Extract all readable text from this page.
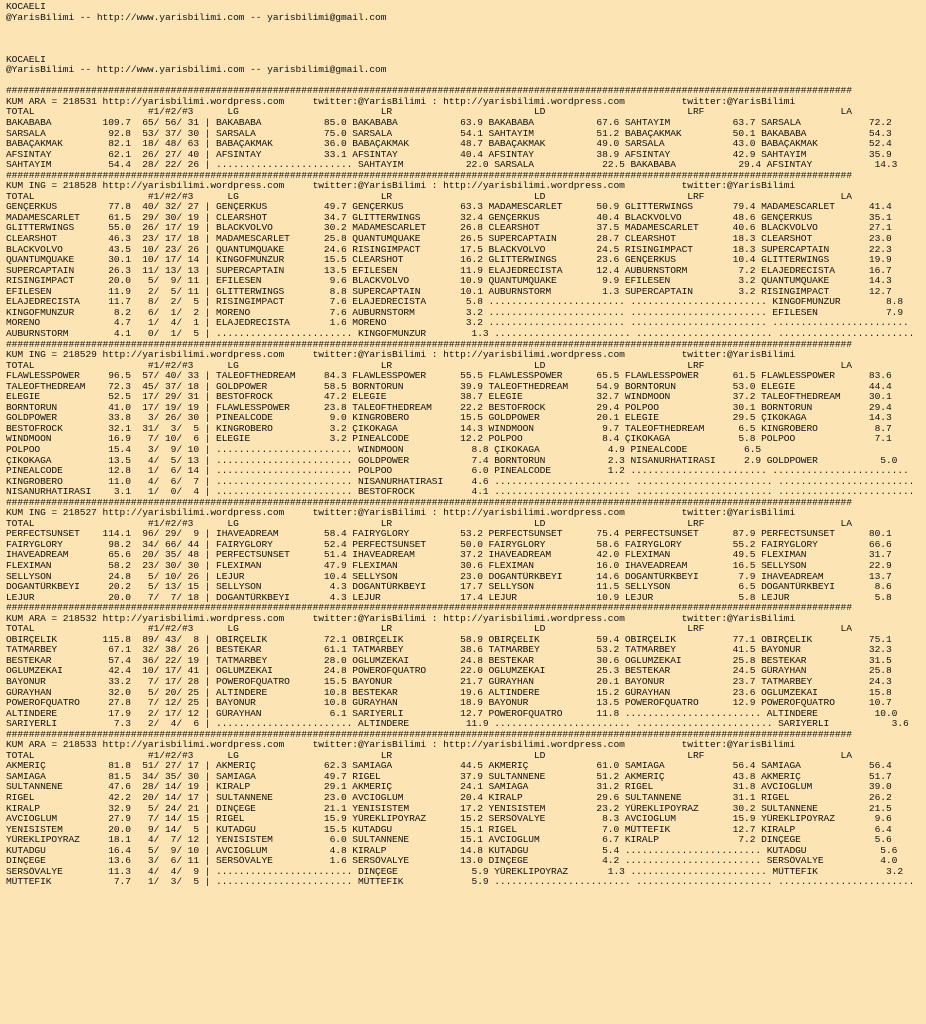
KOCAELI
@YarisBilimi -- http://www.yarisbilimi.com -- yarisbilimi@gmail.com
KOCAELI
@YarisBilimi -- http://www.yarisbilimi.com -- yarisbilimi@gmail.com
#####################################################################################################################################################
KUM ARA = 218531 http://yarisbilimi.wordpress.com     twitter:@YarisBilimi : http://yarisbilimi.wordpress.com          twitter:@YarisBilimi
TOTAL                    #1/#2/#3      LG                         LR                         LD                         LRF                        LA
BAKABABA         109.7  65/ 56/ 31 | BAKABABA           85.0 BAKABABA           63.9 BAKABABA           67.6 SAHTAYIM           63.7 SARSALA            72.2
SARSALA           92.8  53/ 37/ 30 | SARSALA            75.0 SARSALA            54.1 SAHTAYIM           51.2 BABAÇAKMAK         50.1 BAKABABA           54.3
BABAÇAKMAK        82.1  18/ 48/ 63 | BABAÇAKMAK         36.0 BABAÇAKMAK         48.7 BABAÇAKMAK         49.0 SARSALA            43.0 BABAÇAKMAK         52.4
AFSINTAY          62.1  26/ 27/ 40 | AFSINTAY           33.1 AFSINTAY           40.4 AFSINTAY           38.9 AFSINTAY           42.9 SAHTAYIM           35.9
SAHTAYIM          54.4  28/ 22/ 26 | ........................ SAHTAYIM           22.0 SARSALA            22.5 BAKABABA           29.4 AFSINTAY           14.3
#####################################################################################################################################################
KUM ING = 218528 http://yarisbilimi.wordpress.com     twitter:@YarisBilimi : http://yarisbilimi.wordpress.com          twitter:@YarisBilimi
TOTAL                    #1/#2/#3      LG                         LR                         LD                         LRF                        LA
GENÇERKUS         77.8  40/ 32/ 27 | GENÇERKUS          49.7 GENÇERKUS          63.3 MADAMESCARLET      50.9 GLITTERWINGS       79.4 MADAMESCARLET      41.4
MADAMESCARLET     61.5  29/ 30/ 19 | CLEARSHOT          34.7 GLITTERWINGS       32.4 GENÇERKUS          40.4 BLACKVOLVO         48.6 GENÇERKUS          35.1
GLITTERWINGS      55.0  26/ 17/ 19 | BLACKVOLVO         30.2 MADAMESCARLET      26.8 CLEARSHOT          37.5 MADAMESCARLET      40.6 BLACKVOLVO         27.1
CLEARSHOT         46.3  23/ 17/ 18 | MADAMESCARLET      25.8 QUANTUMQUAKE       26.5 SUPERCAPTAIN       28.7 CLEARSHOT          18.3 CLEARSHOT          23.0
BLACKVOLVO        43.5  10/ 23/ 26 | QUANTUMQUAKE       24.6 RISINGIMPACT       17.5 BLACKVOLVO         24.5 RISINGIMPACT       18.3 SUPERCAPTAIN       22.3
QUANTUMQUAKE      30.1  10/ 17/ 14 | KINGOFMUNZUR       15.5 CLEARSHOT          16.2 GLITTERWINGS       23.6 GENÇERKUS          10.4 GLITTERWINGS       19.9
SUPERCAPTAIN      26.3  11/ 13/ 13 | SUPERCAPTAIN       13.5 EFILESEN           11.9 ELAJEDRECISTA      12.4 AUBURNSTORM         7.2 ELAJEDRECISTA      16.7
RISINGIMPACT      20.0   5/  9/ 11 | EFILESEN            9.6 BLACKVOLVO         10.9 QUANTUMQUAKE        9.9 EFILESEN            3.2 QUANTUMQUAKE       14.3
EFILESEN          11.9   2/  5/ 11 | GLITTERWINGS        8.8 SUPERCAPTAIN       10.1 AUBURNSTORM         1.3 SUPERCAPTAIN        3.2 RISINGIMPACT       12.7
ELAJEDRECISTA     11.7   8/  2/  5 | RISINGIMPACT        7.6 ELAJEDRECISTA       5.8 ........................ ........................ KINGOFMUNZUR        8.8
KINGOFMUNZUR       8.2   6/  1/  2 | MORENO              7.6 AUBURNSTORM         3.2 ........................ ........................ EFILESEN            7.9
MORENO             4.7   1/  4/  1 | ELAJEDRECISTA       1.6 MORENO              3.2 ........................ ........................ ........................
AUBURNSTORM        4.1   0/  1/  5 | ........................ KINGOFMUNZUR        1.3 ........................ ........................ ........................
#####################################################################################################################################################
KUM ING = 218529 http://yarisbilimi.wordpress.com     twitter:@YarisBilimi : http://yarisbilimi.wordpress.com          twitter:@YarisBilimi
TOTAL                    #1/#2/#3      LG                         LR                         LD                         LRF                        LA
FLAWLESSPOWER     96.5  57/ 40/ 33 | TALEOFTHEDREAM     84.3 FLAWLESSPOWER      55.5 FLAWLESSPOWER      65.5 FLAWLESSPOWER      61.5 FLAWLESSPOWER      83.6
TALEOFTHEDREAM    72.3  45/ 37/ 18 | GOLDPOWER          58.5 BORNTORUN          39.9 TALEOFTHEDREAM     54.9 BORNTORUN          53.0 ELEGIE             44.4
ELEGIE            52.5  17/ 29/ 31 | BESTOFROCK         47.2 ELEGIE             38.7 ELEGIE             32.7 WINDMOON           37.2 TALEOFTHEDREAM     30.1
BORNTORUN         41.0  17/ 19/ 19 | FLAWLESSPOWER      23.8 TALEOFTHEDREAM     22.2 BESTOFROCK         29.4 POLPOO             30.1 BORNTORUN          29.4
GOLDPOWER         33.8   3/ 26/ 30 | PINEALCODE          9.0 KINGROBERO         15.5 GOLDPOWER          20.1 ELEGIE             29.5 ÇIKOKAGA           14.3
BESTOFROCK        32.1  31/  3/  5 | KINGROBERO          3.2 ÇIKOKAGA           14.3 WINDMOON            9.7 TALEOFTHEDREAM      6.5 KINGROBERO          8.7
WINDMOON          16.9   7/ 10/  6 | ELEGIE              3.2 PINEALCODE         12.2 POLPOO              8.4 ÇIKOKAGA            5.8 POLPOO              7.1
POLPOO            15.4   3/  9/ 10 | ........................ WINDMOON            8.8 ÇIKOKAGA            4.9 PINEALCODE          6.5
ÇIKOKAGA          13.5   4/  5/ 13 | ........................ GOLDPOWER           7.4 BORNTORUN           2.3 NISANURHATIRASI     2.9 GOLDPOWER           5.0
PINEALCODE        12.8   1/  6/ 14 | ........................ POLPOO              6.0 PINEALCODE          1.2 ........................ ........................
KINGROBERO        11.0   4/  6/  7 | ........................ NISANURHATIRASI     4.6 ........................ ........................ ........................
NISANURHATIRASI    3.1   1/  0/  4 | ........................ BESTOFROCK          4.1 ........................ ........................ ........................
#####################################################################################################################################################
KUM ING = 218527 http://yarisbilimi.wordpress.com     twitter:@YarisBilimi : http://yarisbilimi.wordpress.com          twitter:@YarisBilimi
TOTAL                    #1/#2/#3      LG                         LR                         LD                         LRF                        LA
PERFECTSUNSET    114.1  96/ 29/  9 | IHAVEADREAM        58.4 FAIRYGLORY         53.2 PERFECTSUNSET      75.4 PERFECTSUNSET      87.9 PERFECTSUNSET      80.1
FAIRYGLORY        98.2  34/ 66/ 44 | FAIRYGLORY         52.4 PERFECTSUNSET      50.0 FAIRYGLORY         58.6 FAIRYGLORY         55.2 FAIRYGLORY         66.6
IHAVEADREAM       65.6  20/ 35/ 48 | PERFECTSUNSET      51.4 IHAVEADREAM        37.2 IHAVEADREAM        42.0 FLEXIMAN           49.5 FLEXIMAN           31.7
FLEXIMAN          58.2  23/ 30/ 30 | FLEXIMAN           47.9 FLEXIMAN           30.6 FLEXIMAN           16.0 IHAVEADREAM        16.5 SELLYSON           22.9
SELLYSON          24.8   5/ 10/ 26 | LEJUR              10.4 SELLYSON           23.0 DOGANTÜRKBEYI      14.6 DOGANTÜRKBEYI       7.9 IHAVEADREAM        13.7
DOGANTÜRKBEYI     20.2   5/ 13/ 15 | SELLYSON            4.3 DOGANTÜRKBEYI      17.7 SELLYSON           11.5 SELLYSON            6.5 DOGANTÜRKBEYI       8.6
LEJUR             20.0   7/  7/ 18 | DOGANTÜRKBEYI       4.3 LEJUR              17.4 LEJUR              10.9 LEJUR               5.8 LEJUR               5.8
#####################################################################################################################################################
KUM ARA = 218532 http://yarisbilimi.wordpress.com     twitter:@YarisBilimi : http://yarisbilimi.wordpress.com          twitter:@YarisBilimi
TOTAL                    #1/#2/#3      LG                         LR                         LD                         LRF                        LA
OBIRÇELIK        115.8  89/ 43/  8 | OBIRÇELIK          72.1 OBIRÇELIK          58.9 OBIRÇELIK          59.4 OBIRÇELIK          77.1 OBIRÇELIK          75.1
TATMARBEY         67.1  32/ 38/ 26 | BESTEKAR           61.1 TATMARBEY          38.6 TATMARBEY          53.2 TATMARBEY          41.5 BAYONUR            32.3
BESTEKAR          57.4  36/ 22/ 19 | TATMARBEY          28.0 OGLUMZEKAI         24.8 BESTEKAR           30.6 OGLUMZEKAI         25.8 BESTEKAR           31.5
OGLUMZEKAI        42.4  10/ 17/ 41 | OGLUMZEKAI         24.8 POWEROFQUATRO      22.0 OGLUMZEKAI         25.3 BESTEKAR           24.5 GÜRAYHAN           25.8
BAYONUR           33.2   7/ 17/ 28 | POWEROFQUATRO      15.5 BAYONUR            21.7 GÜRAYHAN           20.1 BAYONUR            23.7 TATMARBEY          24.3
GÜRAYHAN          32.0   5/ 20/ 25 | ALTINDERE          10.8 BESTEKAR           19.6 ALTINDERE          15.2 GÜRAYHAN           23.6 OGLUMZEKAI         15.8
POWEROFQUATRO     27.8   7/ 12/ 25 | BAYONUR            10.8 GÜRAYHAN           18.9 BAYONUR            13.5 POWEROFQUATRO      12.9 POWEROFQUATRO      10.7
ALTINDERE         17.9   2/ 17/ 12 | GÜRAYHAN            6.1 SARIYERLI          12.7 POWEROFQUATRO      11.8 ........................ ALTINDERE          10.0
SARIYERLI          7.3   2/  4/  6 | ........................ ALTINDERE          11.9 ........................ ........................ SARIYERLI           3.6
#####################################################################################################################################################
KUM ARA = 218533 http://yarisbilimi.wordpress.com     twitter:@YarisBilimi : http://yarisbilimi.wordpress.com          twitter:@YarisBilimi
TOTAL                    #1/#2/#3      LG                         LR                         LD                         LRF                        LA
AKMERIÇ           81.8  51/ 27/ 17 | AKMERIÇ            62.3 SAMIAGA            44.5 AKMERIÇ            61.0 SAMIAGA            56.4 SAMIAGA            56.4
SAMIAGA           81.5  34/ 35/ 30 | SAMIAGA            49.7 RIGEL              37.9 SULTANNENE         51.2 AKMERIÇ            43.8 AKMERIÇ            51.7
SULTANNENE        47.6  28/ 14/ 19 | KIRALP             29.1 AKMERIÇ            24.1 SAMIAGA            31.2 RIGEL              31.8 AVCIOGLUM          39.0
RIGEL             42.2  20/ 14/ 17 | SULTANNENE         23.0 AVCIOGLUM          20.4 KIRALP             29.6 SULTANNENE         31.1 RIGEL              26.2
KIRALP            32.9   5/ 24/ 21 | DINÇEGE            21.1 YENISISTEM         17.2 YENISISTEM         23.2 YÜREKLIPOYRAZ      30.2 SULTANNENE         21.5
AVCIOGLUM         27.9   7/ 14/ 15 | RIGEL              15.9 YÜREKLIPOYRAZ      15.2 SERSÖVALYE          8.3 AVCIOGLUM          15.9 YÜREKLIPOYRAZ       9.6
YENISISTEM        20.0   9/ 14/  5 | KUTADGU            15.5 KUTADGU            15.1 RIGEL               7.0 MÜTTEFIK           12.7 KIRALP              6.4
YÜREKLIPOYRAZ     18.1   4/  7/ 12 | YENISISTEM          6.0 SULTANNENE         15.1 AVCIOGLUM           6.7 KIRALP              7.2 DINÇEGE             5.6
KUTADGU           16.4   5/  9/ 10 | AVCIOGLUM           4.8 KIRALP             14.8 KUTADGU             5.4 ........................ KUTADGU             5.6
DINÇEGE           13.6   3/  6/ 11 | SERSÖVALYE          1.6 SERSÖVALYE         13.0 DINÇEGE             4.2 ........................ SERSÖVALYE          4.0
SERSÖVALYE        11.3   4/  4/  9 | ........................ DINÇEGE             5.9 YÜREKLIPOYRAZ       1.3 ........................ MÜTTEFIK            3.2
MÜTTEFIK           7.7   1/  3/  5 | ........................ MÜTTEFIK            5.9 ........................ ........................ ........................
